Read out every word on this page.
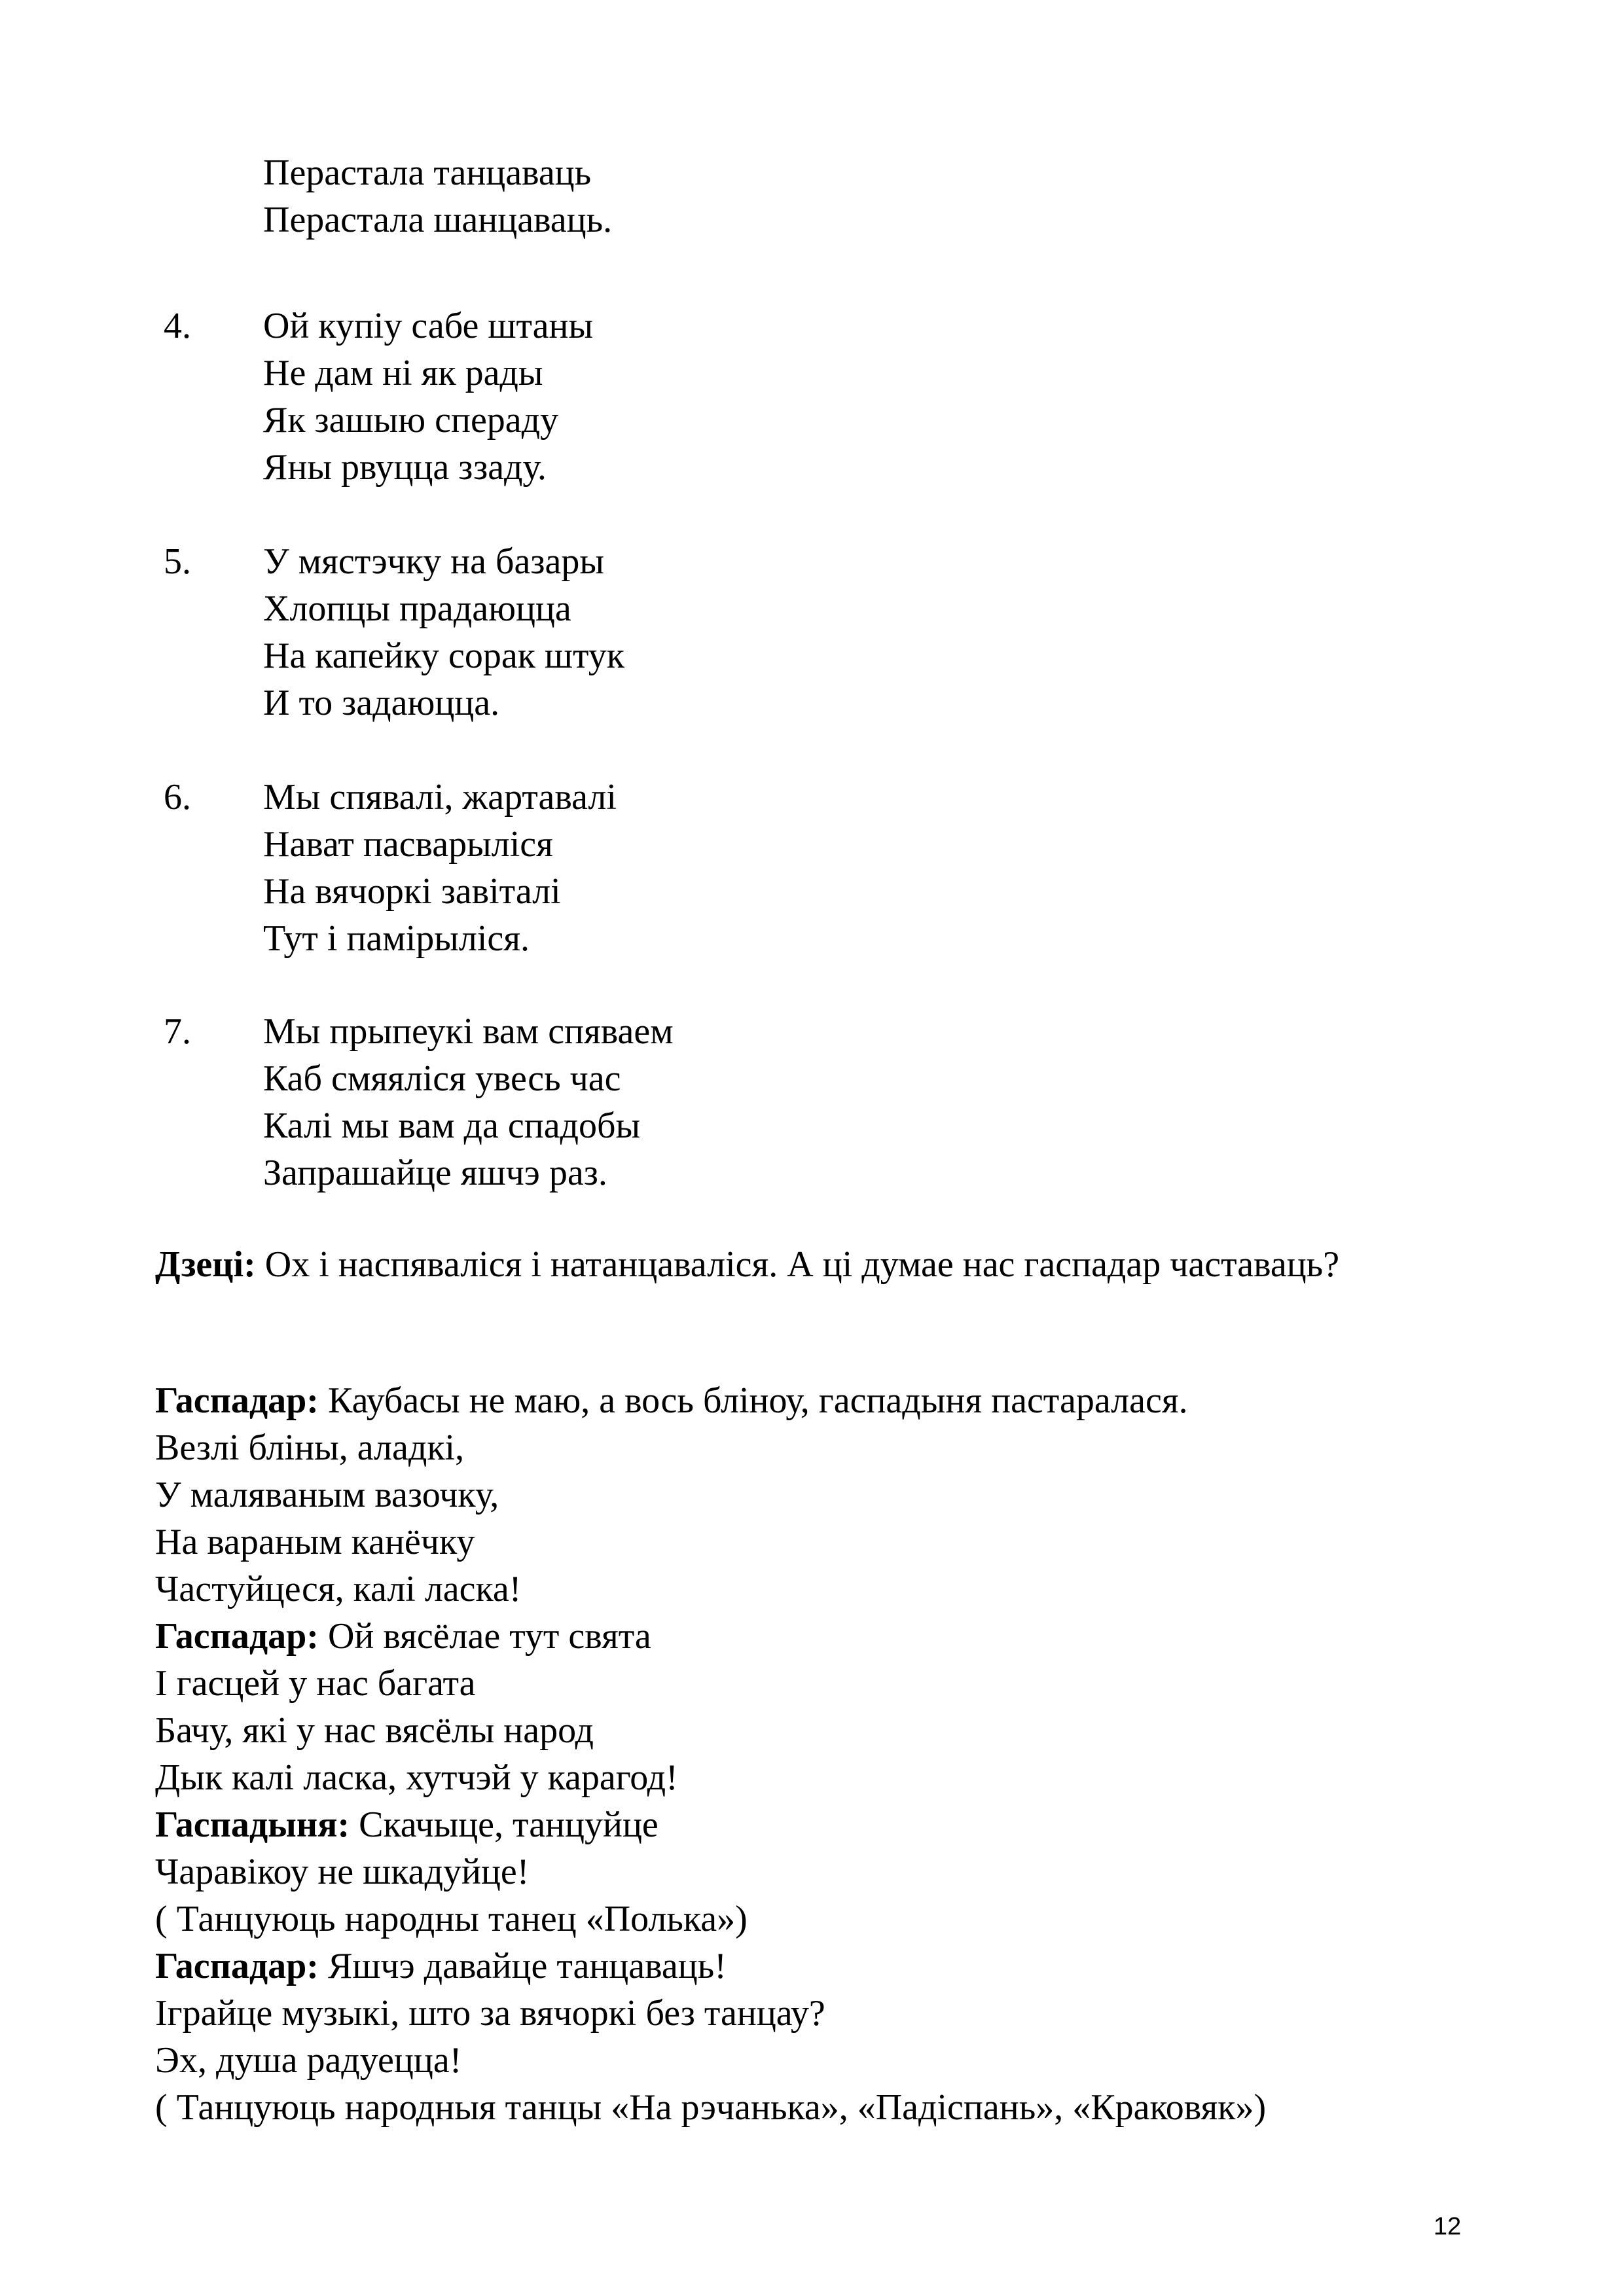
Перастала танцаваць
Перастала шанцаваць.
4. Ой купіу сабе штаны
Не дам ні як рады
Як зашыю спераду
Яны рвуцца ззаду.
5. У мястэчку на базары
Хлопцы прадаюцца
На капейку сорак штук
И то задаюцца.
6. Мы спявалі, жартавалі
Нават пасварыліся
На вячоркі завіталі
Тут і памірыліся.
7. Мы прыпеукі вам спяваем
Каб смяяліся увесь час
Калі мы вам да спадобы
Запрашайце яшчэ раз.
Дзеці: Ох і наспяваліся і натанцаваліся. А ці думае нас гаспадар частаваць?
Гаспадар: Каубасы не маю, а вось бліноу, гаспадыня пастаралася.
Везлі бліны, аладкі,
У маляваным вазочку,
На вараным канёчку
Частуйцеся, калі ласка!
Гаспадар: Ой вясёлае тут свята
І гасцей у нас багата
Бачу, які у нас вясёлы народ
Дык калі ласка, хутчэй у карагод!
Гаспадыня: Скачыце, танцуйце
Чаравікоу не шкадуйце!
( Танцуюць народны танец «Полька»)
Гаспадар: Яшчэ давайце танцаваць!
Іграйце музыкі, што за вячоркі без танцау?
Эх, душа радуецца!
( Танцуюць народныя танцы «На рэчанька», «Падіспань», «Краковяк»)
12
